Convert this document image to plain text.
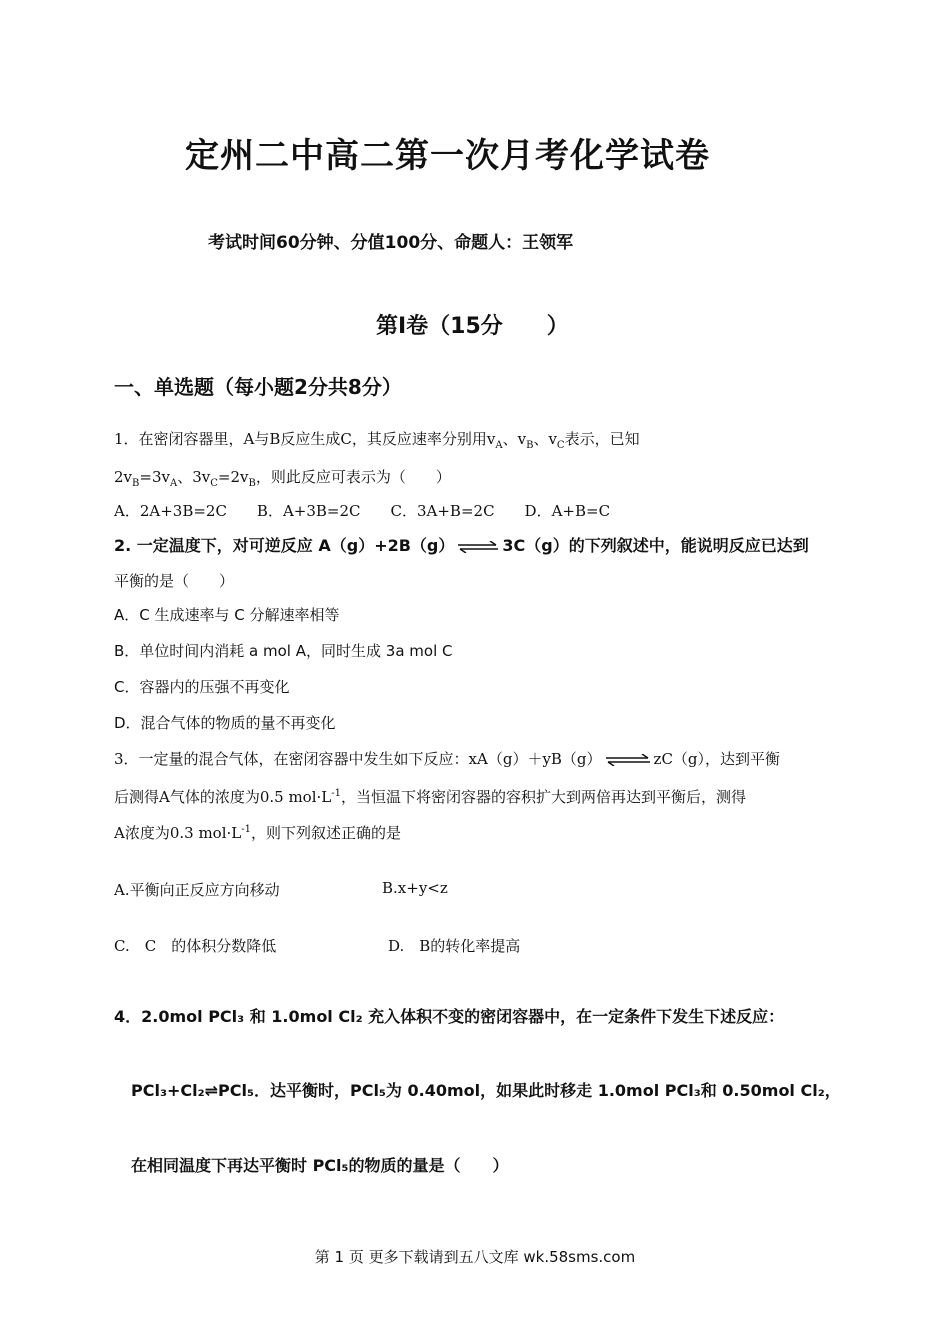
定州二中高二第一次月考化学试卷
考试时间60分钟、分值100分、命题人：王领军
第Ⅰ卷（15分　　）
一、单选题（每小题2分共8分）
1．在密闭容器里，A与B反应生成C，其反应速率分别用$v_A$、$v_B$、$v_C$表示，已知
$2v_B=3v_A$、$3v_C=2v_B$，则此反应可表示为（　　）
A．2A+3B=2C　　B．A+3B=2C　　C．3A+B=2C　　D．A+B=C
2. 一定温度下，对可逆反应 A（g）+2B（g） ⇌ 3C（g）的下列叙述中，能说明反应已达到
平衡的是（　　）
A．C 生成速率与 C 分解速率相等
B．单位时间内消耗 a mol A，同时生成 3a mol C
C．容器内的压强不再变化
D．混合气体的物质的量不再变化
3．一定量的混合气体，在密闭容器中发生如下反应：xA（g）＋yB（g） ⇌ zC（g），达到平衡
后测得A气体的浓度为0.5 $mol\cdot L^{-1}$，当恒温下将密闭容器的容积扩大到两倍再达到平衡后，测得
A浓度为0.3 $mol\cdot L^{-1}$，则下列叙述正确的是
A.平衡向正反应方向移动	B.x+y<z
C.　C　的体积分数降低	D.　B的转化率提高
4．2.0mol PCl₃ 和 1.0mol Cl₂ 充入体积不变的密闭容器中，在一定条件下发生下述反应：
PCl₃+Cl₂⇌PCl₅．达平衡时，PCl₅为 0.40mol，如果此时移走 1.0mol PCl₃和 0.50mol Cl₂，
在相同温度下再达平衡时 PCl₅的物质的量是（　　）
第 1 页 更多下载请到五八文库 wk.58sms.com
